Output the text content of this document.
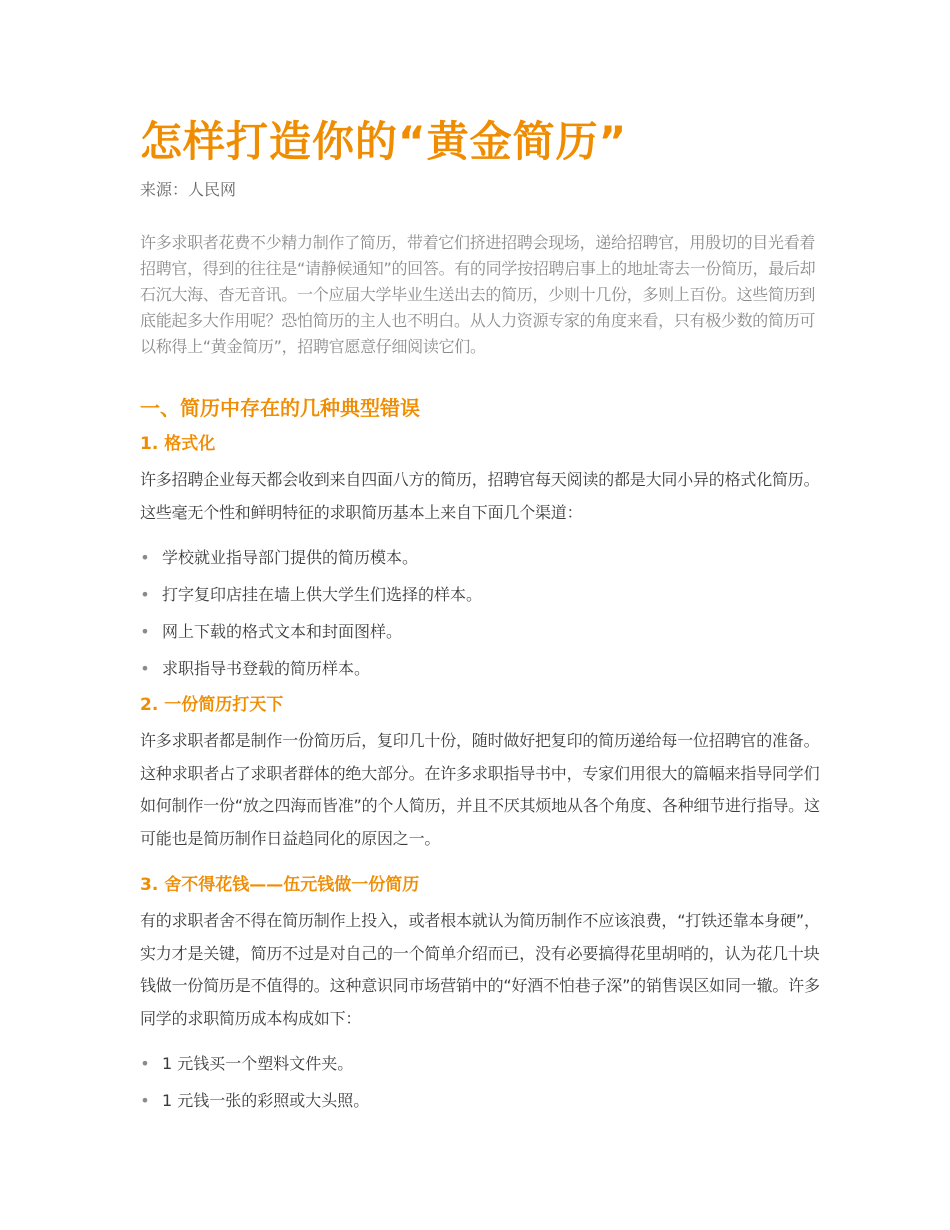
怎样打造你的“黄金简历”

来源：人民网

许多求职者花费不少精力制作了简历，带着它们挤进招聘会现场，递给招聘官，用殷切的目光看着招聘官，得到的往往是“请静候通知”的回答。有的同学按招聘启事上的地址寄去一份简历，最后却石沉大海、杳无音讯。一个应届大学毕业生送出去的简历，少则十几份，多则上百份。这些简历到底能起多大作用呢？恐怕简历的主人也不明白。从人力资源专家的角度来看，只有极少数的简历可以称得上“黄金简历”，招聘官愿意仔细阅读它们。

一、简历中存在的几种典型错误
1. 格式化

许多招聘企业每天都会收到来自四面八方的简历，招聘官每天阅读的都是大同小异的格式化简历。这些毫无个性和鲜明特征的求职简历基本上来自下面几个渠道：

• 学校就业指导部门提供的简历模本。
• 打字复印店挂在墙上供大学生们选择的样本。
• 网上下载的格式文本和封面图样。
• 求职指导书登载的简历样本。
2. 一份简历打天下

许多求职者都是制作一份简历后，复印几十份，随时做好把复印的简历递给每一位招聘官的准备。这种求职者占了求职者群体的绝大部分。在许多求职指导书中，专家们用很大的篇幅来指导同学们如何制作一份“放之四海而皆准”的个人简历，并且不厌其烦地从各个角度、各种细节进行指导。这可能也是简历制作日益趋同化的原因之一。

3. 舍不得花钱——伍元钱做一份简历

有的求职者舍不得在简历制作上投入，或者根本就认为简历制作不应该浪费，“打铁还靠本身硬”，实力才是关键，简历不过是对自己的一个简单介绍而已，没有必要搞得花里胡哨的，认为花几十块钱做一份简历是不值得的。这种意识同市场营销中的“好酒不怕巷子深”的销售误区如同一辙。许多同学的求职简历成本构成如下：

• 1 元钱买一个塑料文件夹。
• 1 元钱一张的彩照或大头照。
